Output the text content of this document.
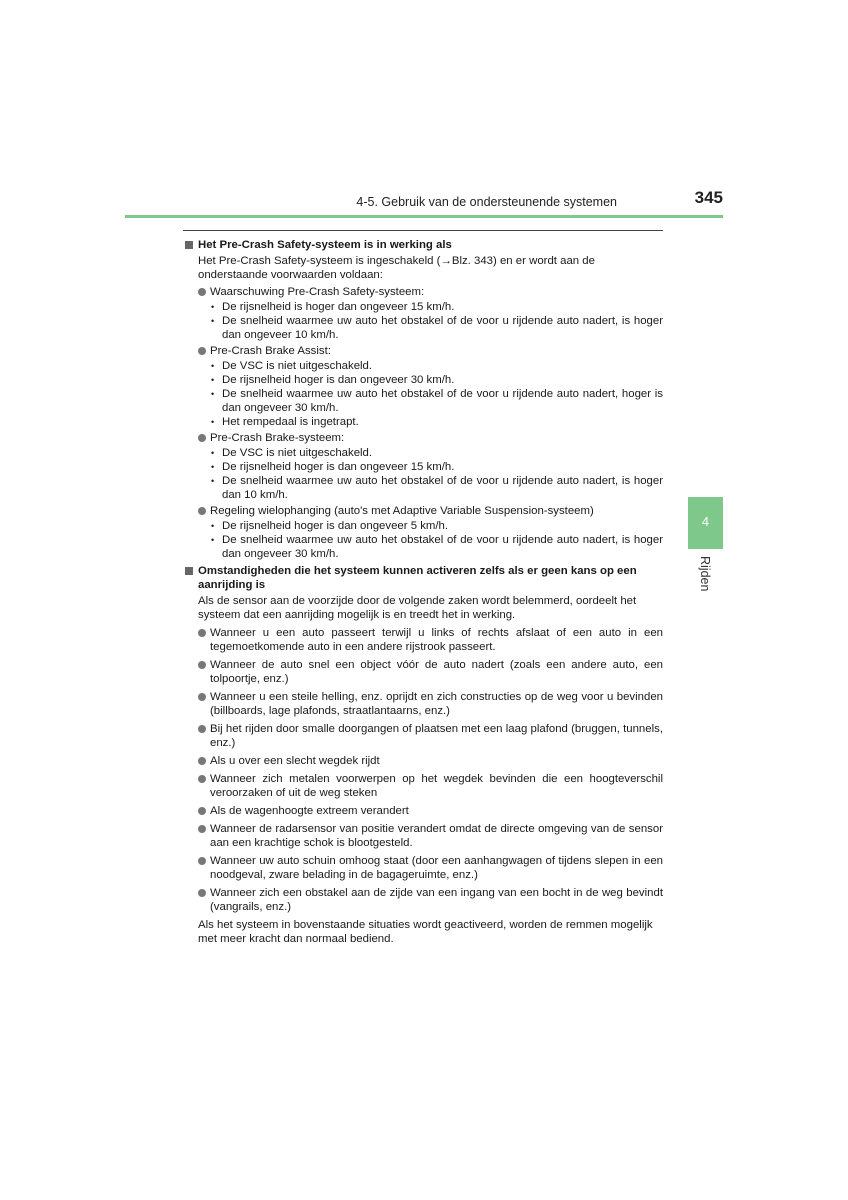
4-5. Gebruik van de ondersteunende systemen	345
Het Pre-Crash Safety-systeem is in werking als
Het Pre-Crash Safety-systeem is ingeschakeld (→Blz. 343) en er wordt aan de onderstaande voorwaarden voldaan:
Waarschuwing Pre-Crash Safety-systeem:
• De rijsnelheid is hoger dan ongeveer 15 km/h.
• De snelheid waarmee uw auto het obstakel of de voor u rijdende auto nadert, is hoger dan ongeveer 10 km/h.
Pre-Crash Brake Assist:
• De VSC is niet uitgeschakeld.
• De rijsnelheid hoger is dan ongeveer 30 km/h.
• De snelheid waarmee uw auto het obstakel of de voor u rijdende auto nadert, hoger is dan ongeveer 30 km/h.
• Het rempedaal is ingetrapt.
Pre-Crash Brake-systeem:
• De VSC is niet uitgeschakeld.
• De rijsnelheid hoger is dan ongeveer 15 km/h.
• De snelheid waarmee uw auto het obstakel of de voor u rijdende auto nadert, is hoger dan 10 km/h.
Regeling wielophanging (auto's met Adaptive Variable Suspension-systeem)
• De rijsnelheid hoger is dan ongeveer 5 km/h.
• De snelheid waarmee uw auto het obstakel of de voor u rijdende auto nadert, is hoger dan ongeveer 30 km/h.
Omstandigheden die het systeem kunnen activeren zelfs als er geen kans op een aanrijding is
Als de sensor aan de voorzijde door de volgende zaken wordt belemmerd, oordeelt het systeem dat een aanrijding mogelijk is en treedt het in werking.
Wanneer u een auto passeert terwijl u links of rechts afslaat of een auto in een tegemoetkomende auto in een andere rijstrook passeert.
Wanneer de auto snel een object vóór de auto nadert (zoals een andere auto, een tolpoortje, enz.)
Wanneer u een steile helling, enz. oprijdt en zich constructies op de weg voor u bevinden (billboards, lage plafonds, straatlantaarns, enz.)
Bij het rijden door smalle doorgangen of plaatsen met een laag plafond (bruggen, tunnels, enz.)
Als u over een slecht wegdek rijdt
Wanneer zich metalen voorwerpen op het wegdek bevinden die een hoogteverschil veroorzaken of uit de weg steken
Als de wagenhoogte extreem verandert
Wanneer de radarsensor van positie verandert omdat de directe omgeving van de sensor aan een krachtige schok is blootgesteld.
Wanneer uw auto schuin omhoog staat (door een aanhangwagen of tijdens slepen in een noodgeval, zware belading in de bagageruimte, enz.)
Wanneer zich een obstakel aan de zijde van een ingang van een bocht in de weg bevindt (vangrails, enz.)
Als het systeem in bovenstaande situaties wordt geactiveerd, worden de remmen mogelijk met meer kracht dan normaal bediend.
4
Rijden
